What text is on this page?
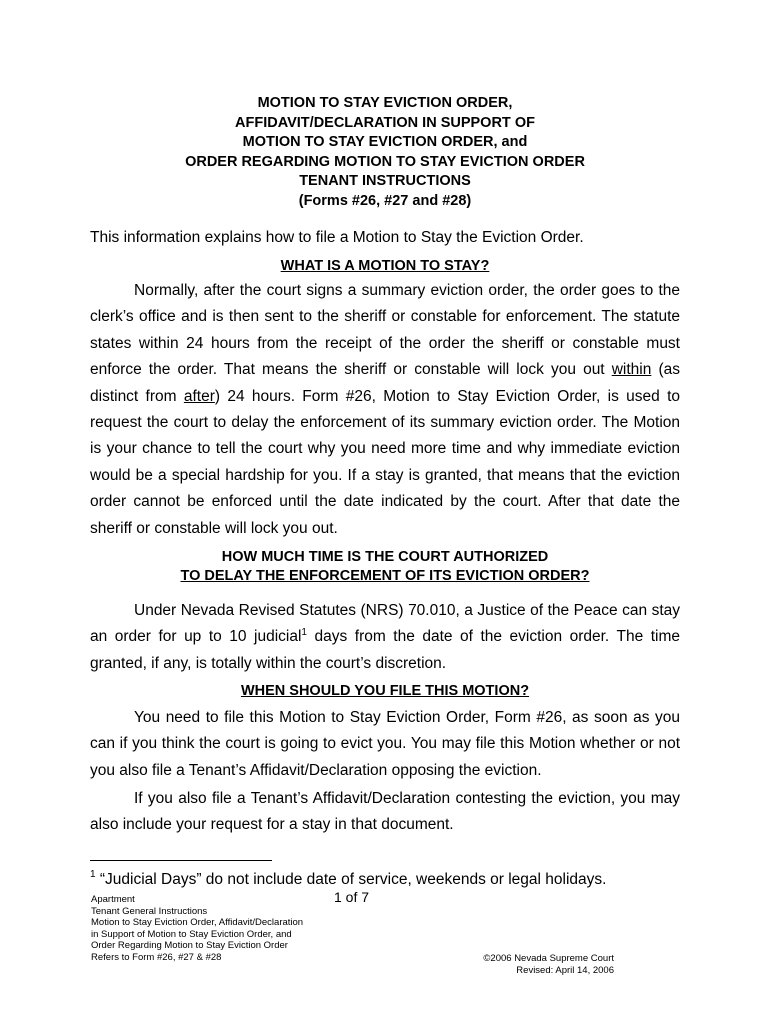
MOTION TO STAY EVICTION ORDER,
AFFIDAVIT/DECLARATION IN SUPPORT OF
MOTION TO STAY EVICTION ORDER, and
ORDER REGARDING MOTION TO STAY EVICTION ORDER
TENANT INSTRUCTIONS
(Forms #26, #27 and #28)
This information explains how to file a Motion to Stay the Eviction Order.
WHAT IS A MOTION TO STAY?

Normally, after the court signs a summary eviction order, the order goes to the clerk’s office and is then sent to the sheriff or constable for enforcement. The statute states within 24 hours from the receipt of the order the sheriff or constable must enforce the order. That means the sheriff or constable will lock you out within (as distinct from after) 24 hours. Form #26, Motion to Stay Eviction Order, is used to request the court to delay the enforcement of its summary eviction order. The Motion is your chance to tell the court why you need more time and why immediate eviction would be a special hardship for you. If a stay is granted, that means that the eviction order cannot be enforced until the date indicated by the court. After that date the sheriff or constable will lock you out.

HOW MUCH TIME IS THE COURT AUTHORIZED
TO DELAY THE ENFORCEMENT OF ITS EVICTION ORDER?

Under Nevada Revised Statutes (NRS) 70.010, a Justice of the Peace can stay an order for up to 10 judicial$^1$ days from the date of the eviction order. The time granted, if any, is totally within the court’s discretion.

WHEN SHOULD YOU FILE THIS MOTION?

You need to file this Motion to Stay Eviction Order, Form #26, as soon as you can if you think the court is going to evict you. You may file this Motion whether or not you also file a Tenant’s Affidavit/Declaration opposing the eviction.

If you also file a Tenant’s Affidavit/Declaration contesting the eviction, you may also include your request for a stay in that document.

$^1$ “Judicial Days” do not include date of service, weekends or legal holidays.
1 of 7
Apartment
Tenant General Instructions
Motion to Stay Eviction Order, Affidavit/Declaration
in Support of Motion to Stay Eviction Order, and
Order Regarding Motion to Stay Eviction Order
Refers to Form #26, #27 & #28	©2006 Nevada Supreme Court
Revised: April 14, 2006
